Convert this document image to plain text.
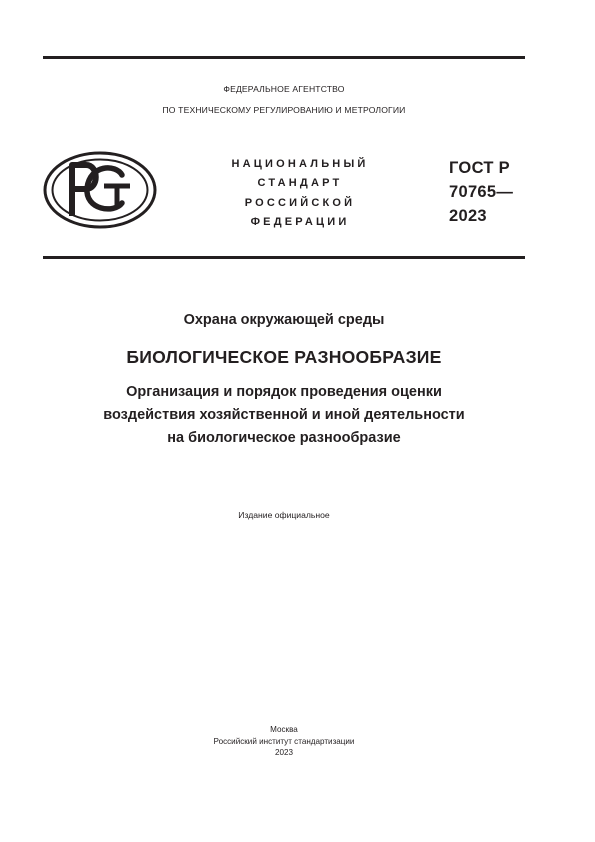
ФЕДЕРАЛЬНОЕ АГЕНТСТВО
ПО ТЕХНИЧЕСКОМУ РЕГУЛИРОВАНИЮ И МЕТРОЛОГИИ
НАЦИОНАЛЬНЫЙ
СТАНДАРТ
РОССИЙСКОЙ
ФЕДЕРАЦИИ
ГОСТ Р
70765—
2023
Охрана окружающей среды
БИОЛОГИЧЕСКОЕ РАЗНООБРАЗИЕ
Организация и порядок проведения оценки
воздействия хозяйственной и иной деятельности
на биологическое разнообразие
Издание официальное
Москва
Российский институт стандартизации
2023
